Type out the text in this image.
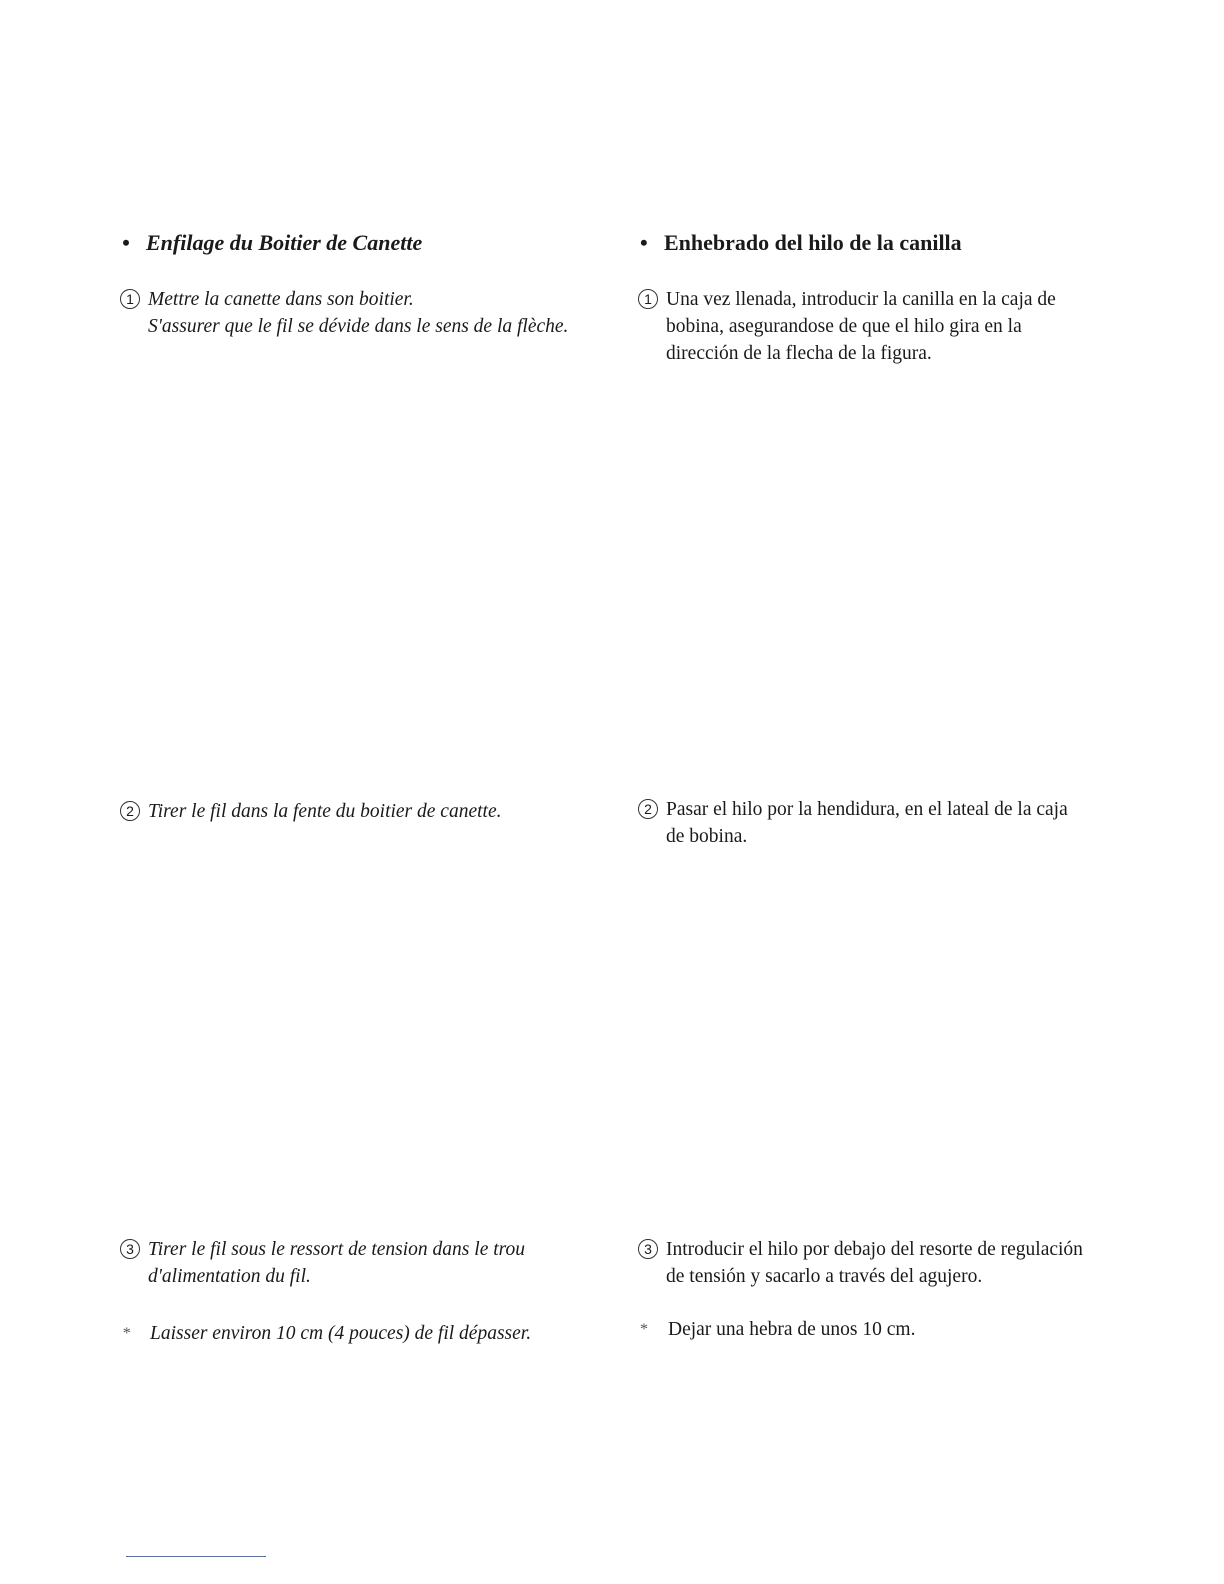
• Enfilage du Boitier de Canette
1 Mettre la canette dans son boitier.
S'assurer que le fil se dévide dans le sens de la flèche.
2 Tirer le fil dans la fente du boitier de canette.
3 Tirer le fil sous le ressort de tension dans le trou
d'alimentation du fil.
* Laisser environ 10 cm (4 pouces) de fil dépasser.
• Enhebrado del hilo de la canilla
1 Una vez llenada, introducir la canilla en la caja de
bobina, asegurandose de que el hilo gira en la
dirección de la flecha de la figura.
2 Pasar el hilo por la hendidura, en el lateal de la caja
de bobina.
3 Introducir el hilo por debajo del resorte de regulación
de tensión y sacarlo a través del agujero.
* Dejar una hebra de unos 10 cm.
